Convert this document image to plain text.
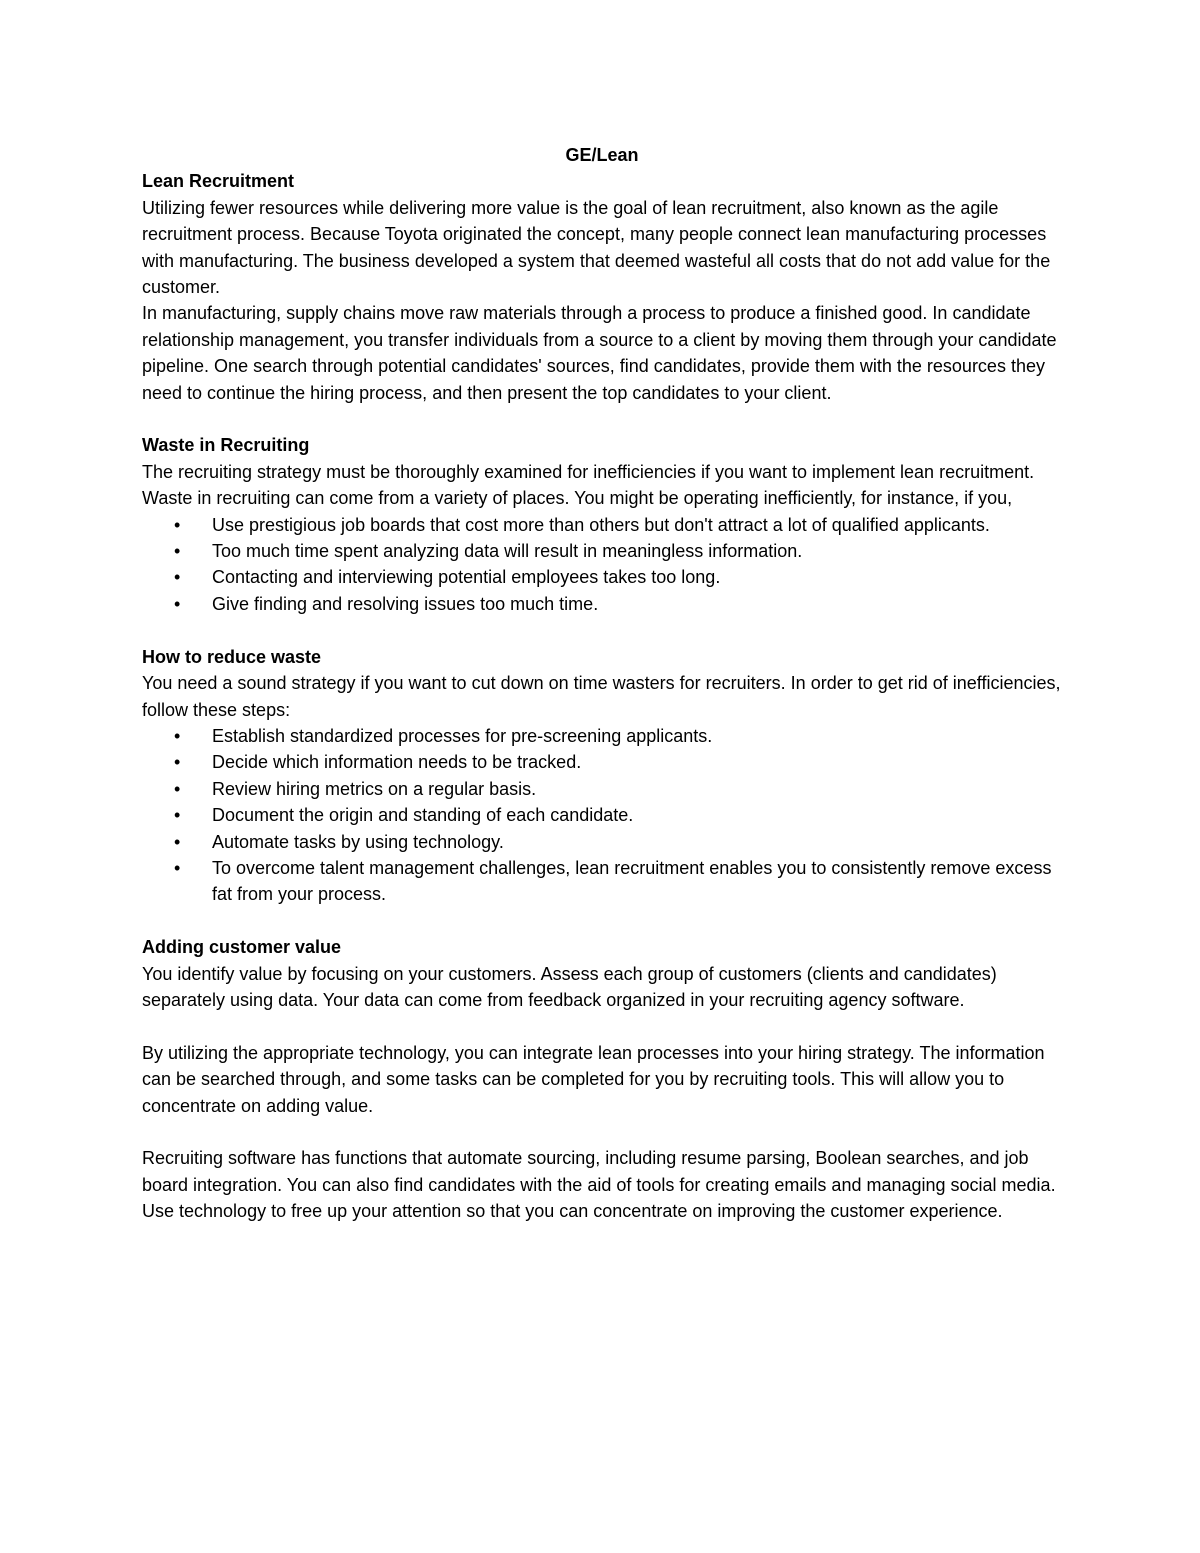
GE/Lean

Lean Recruitment

Utilizing fewer resources while delivering more value is the goal of lean recruitment, also known as the agile recruitment process. Because Toyota originated the concept, many people connect lean manufacturing processes with manufacturing. The business developed a system that deemed wasteful all costs that do not add value for the customer.

In manufacturing, supply chains move raw materials through a process to produce a finished good. In candidate relationship management, you transfer individuals from a source to a client by moving them through your candidate pipeline. One search through potential candidates' sources, find candidates, provide them with the resources they need to continue the hiring process, and then present the top candidates to your client.

Waste in Recruiting

The recruiting strategy must be thoroughly examined for inefficiencies if you want to implement lean recruitment. Waste in recruiting can come from a variety of places. You might be operating inefficiently, for instance, if you,

• Use prestigious job boards that cost more than others but don't attract a lot of qualified applicants.
• Too much time spent analyzing data will result in meaningless information.
• Contacting and interviewing potential employees takes too long.
• Give finding and resolving issues too much time.

How to reduce waste

You need a sound strategy if you want to cut down on time wasters for recruiters. In order to get rid of inefficiencies, follow these steps:

• Establish standardized processes for pre-screening applicants.
• Decide which information needs to be tracked.
• Review hiring metrics on a regular basis.
• Document the origin and standing of each candidate.
• Automate tasks by using technology.
• To overcome talent management challenges, lean recruitment enables you to consistently remove excess fat from your process.

Adding customer value

You identify value by focusing on your customers. Assess each group of customers (clients and candidates) separately using data. Your data can come from feedback organized in your recruiting agency software.

By utilizing the appropriate technology, you can integrate lean processes into your hiring strategy. The information can be searched through, and some tasks can be completed for you by recruiting tools. This will allow you to concentrate on adding value.

Recruiting software has functions that automate sourcing, including resume parsing, Boolean searches, and job board integration. You can also find candidates with the aid of tools for creating emails and managing social media. Use technology to free up your attention so that you can concentrate on improving the customer experience.
